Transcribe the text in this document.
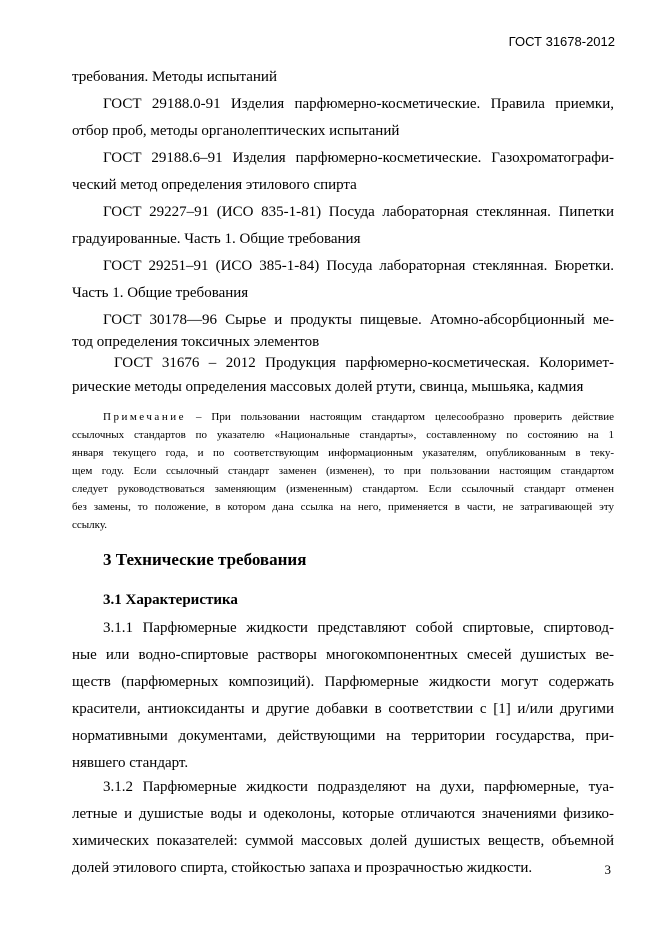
ГОСТ 31678-2012
требования. Методы испытаний
ГОСТ 29188.0-91 Изделия парфюмерно-косметические. Правила приемки,
отбор проб, методы органолептических испытаний
ГОСТ 29188.6–91 Изделия парфюмерно-косметические. Газохроматографи-
ческий метод определения этилового спирта
ГОСТ 29227–91 (ИСО 835-1-81) Посуда лабораторная стеклянная. Пипетки
градуированные. Часть 1. Общие требования
ГОСТ 29251–91 (ИСО 385-1-84) Посуда лабораторная стеклянная. Бюретки.
Часть 1. Общие требования
ГОСТ 30178—96 Сырье и продукты пищевые. Атомно-абсорбционный ме-
тод определения токсичных элементов
ГОСТ 31676 – 2012 Продукция парфюмерно-косметическая. Колоримет-
рические методы определения массовых долей ртути, свинца, мышьяка, кадмия
Примечание – При пользовании настоящим стандартом целесообразно проверить действие
ссылочных стандартов по указателю «Национальные стандарты», составленному по состоянию на 1
января текущего года, и по соответствующим информационным указателям, опубликованным в теку-
щем году. Если ссылочный стандарт заменен (изменен), то при пользовании настоящим стандартом
следует руководствоваться заменяющим (измененным) стандартом. Если ссылочный стандарт отменен
без замены, то положение, в котором дана ссылка на него, применяется в части, не затрагивающей эту
ссылку.
3 Технические требования
3.1 Характеристика
3.1.1 Парфюмерные жидкости представляют собой спиртовые, спиртовод-
ные или водно-спиртовые растворы многокомпонентных смесей душистых ве-
ществ (парфюмерных композиций). Парфюмерные жидкости могут содержать
красители, антиоксиданты и другие добавки в соответствии с [1] и/или другими
нормативными документами, действующими на территории государства, при-
нявшего стандарт.
3.1.2 Парфюмерные жидкости подразделяют на духи, парфюмерные, туа-
летные и душистые воды и одеколоны, которые отличаются значениями физико-
химических показателей: суммой массовых долей душистых веществ, объемной
долей этилового спирта, стойкостью запаха и прозрачностью жидкости.	3
